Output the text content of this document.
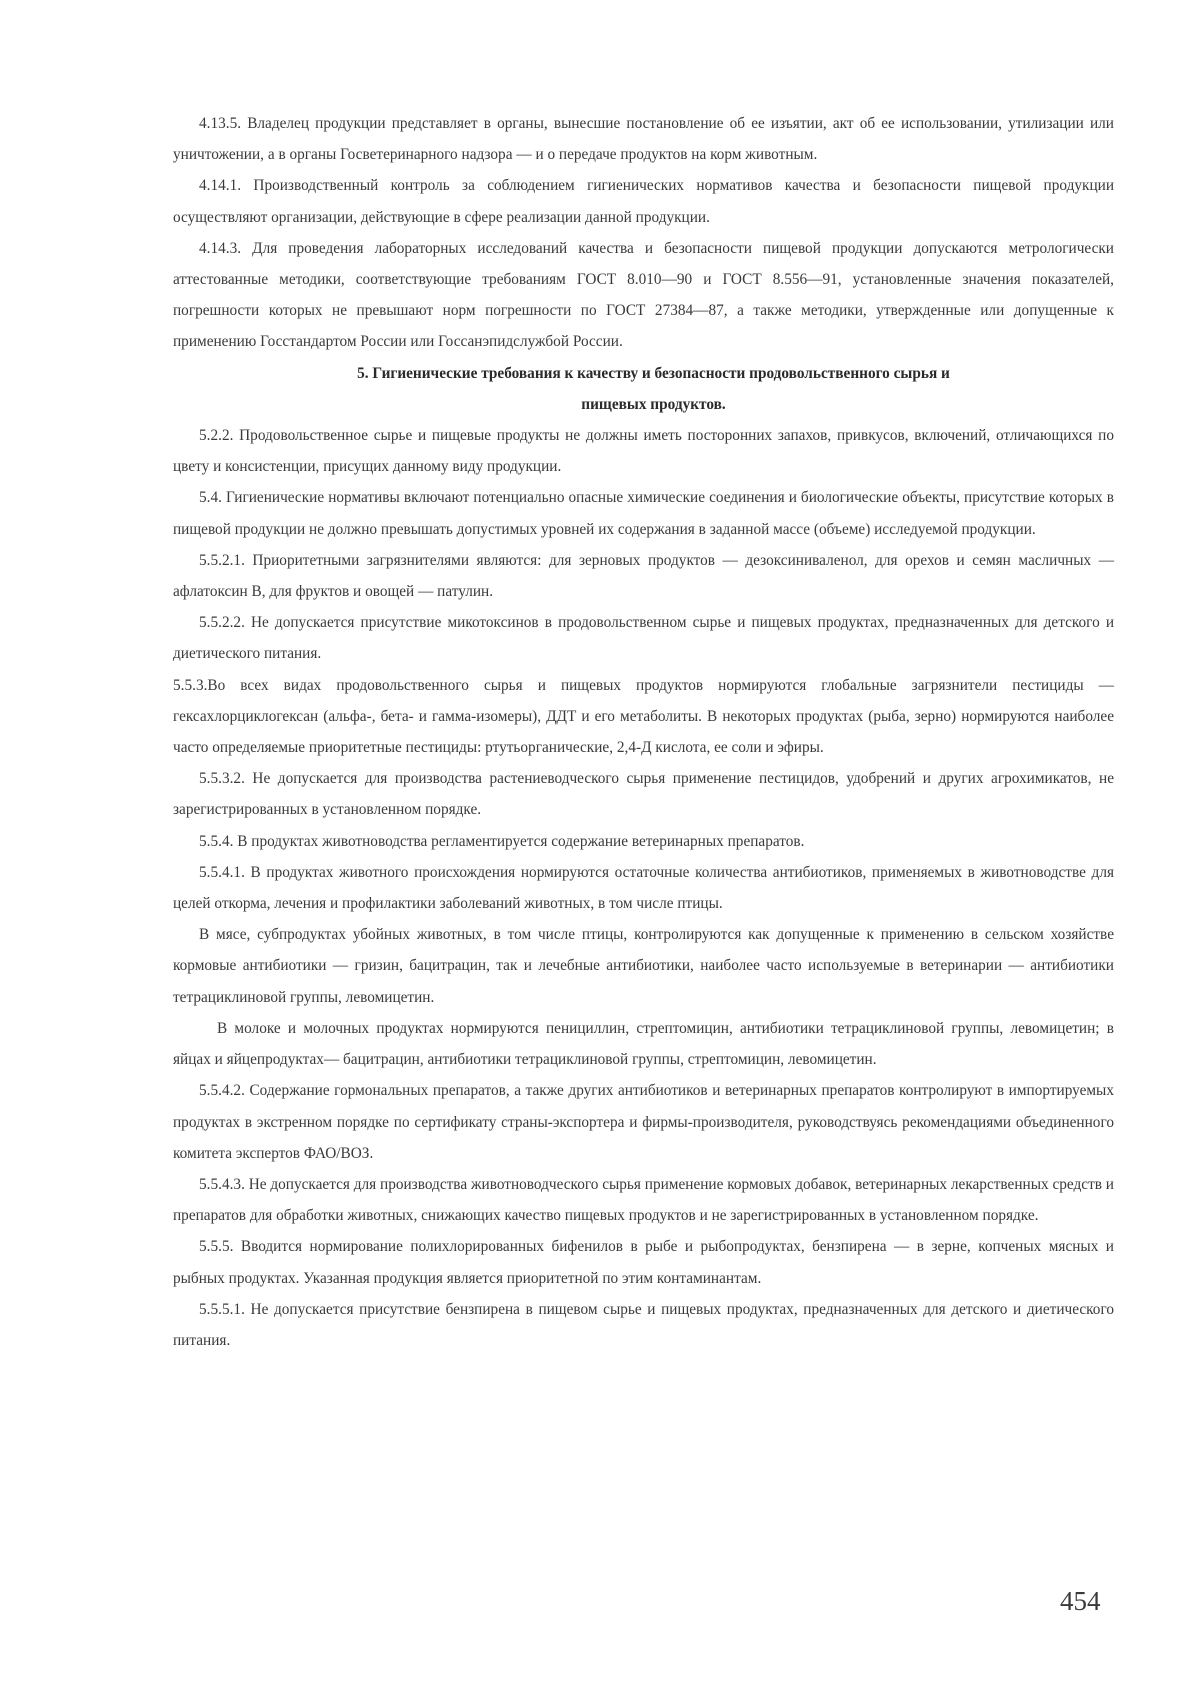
4.13.5. Владелец продукции представляет в органы, вынесшие постановление об ее изъятии, акт об ее использовании, утилизации или уничтожении, а в органы Госветеринарного надзора — и о передаче продуктов на корм животным.

4.14.1. Производственный контроль за соблюдением гигиенических нормативов качества и безопасности пищевой продукции осуществляют организации, действующие в сфере реализации данной продукции.

4.14.3. Для проведения лабораторных исследований качества и безопасности пищевой продукции допускаются метрологически аттестованные методики, соответствующие требованиям ГОСТ 8.010—90 и ГОСТ 8.556—91, установленные значения показателей, погрешности которых не превышают норм погрешности по ГОСТ 27384—87, а также методики, утвержденные или допущенные к применению Госстандартом России или Госсанэпидслужбой России.

5. Гигиенические требования к качеству и безопасности продовольственного сырья и

пищевых продуктов.

5.2.2. Продовольственное сырье и пищевые продукты не должны иметь посторонних запахов, привкусов, включений, отличающихся по цвету и консистенции, присущих данному виду продукции.

5.4. Гигиенические нормативы включают потенциально опасные химические соединения и биологические объекты, присутствие которых в пищевой продукции не должно превышать допустимых уровней их содержания в заданной массе (объеме) исследуемой продукции.

5.5.2.1. Приоритетными загрязнителями являются: для зерновых продуктов — дезоксиниваленол, для орехов и семян масличных — афлатоксин В, для фруктов и овощей — патулин.

5.5.2.2. Не допускается присутствие микотоксинов в продовольственном сырье и пищевых продуктах, предназначенных для детского и диетического питания.

5.5.3.Во всех видах продовольственного сырья и пищевых продуктов нормируются глобальные загрязнители пестициды — гексахлорциклогексан (альфа-, бета- и гамма-изомеры), ДДТ и его метаболиты. В некоторых продуктах (рыба, зерно) нормируются наиболее часто определяемые приоритетные пестициды: ртутьорганические, 2,4-Д кислота, ее соли и эфиры.

5.5.3.2. Не допускается для производства растениеводческого сырья применение пестицидов, удобрений и других агрохимикатов, не зарегистрированных в установленном порядке.

5.5.4. В продуктах животноводства регламентируется содержание ветеринарных препаратов.

5.5.4.1. В продуктах животного происхождения нормируются остаточные количества антибиотиков, применяемых в животноводстве для целей откорма, лечения и профилактики заболеваний животных, в том числе птицы.

В мясе, субпродуктах убойных животных, в том числе птицы, контролируются как допущенные к применению в сельском хозяйстве кормовые антибиотики — гризин, бацитрацин, так и лечебные антибиотики, наиболее часто используемые в ветеринарии — антибиотики тетрациклиновой группы, левомицетин.

В молоке и молочных продуктах нормируются пенициллин, стрептомицин, антибиотики тетрациклиновой группы, левомицетин; в яйцах и яйцепродуктах— бацитрацин, антибиотики тетрациклиновой группы, стрептомицин, левомицетин.

5.5.4.2. Содержание гормональных препаратов, а также других антибиотиков и ветеринарных препаратов контролируют в импортируемых продуктах в экстренном порядке по сертификату страны-экспортера и фирмы-производителя, руководствуясь рекомендациями объединенного комитета экспертов ФАО/ВОЗ.

5.5.4.3. Не допускается для производства животноводческого сырья применение кормовых добавок, ветеринарных лекарственных средств и препаратов для обработки животных, снижающих качество пищевых продуктов и не зарегистрированных в установленном порядке.

5.5.5. Вводится нормирование полихлорированных бифенилов в рыбе и рыбопродуктах, бензпирена — в зерне, копченых мясных и рыбных продуктах. Указанная продукция является приоритетной по этим контаминантам.

5.5.5.1. Не допускается присутствие бензпирена в пищевом сырье и пищевых продуктах, предназначенных для детского и диетического питания.

454
